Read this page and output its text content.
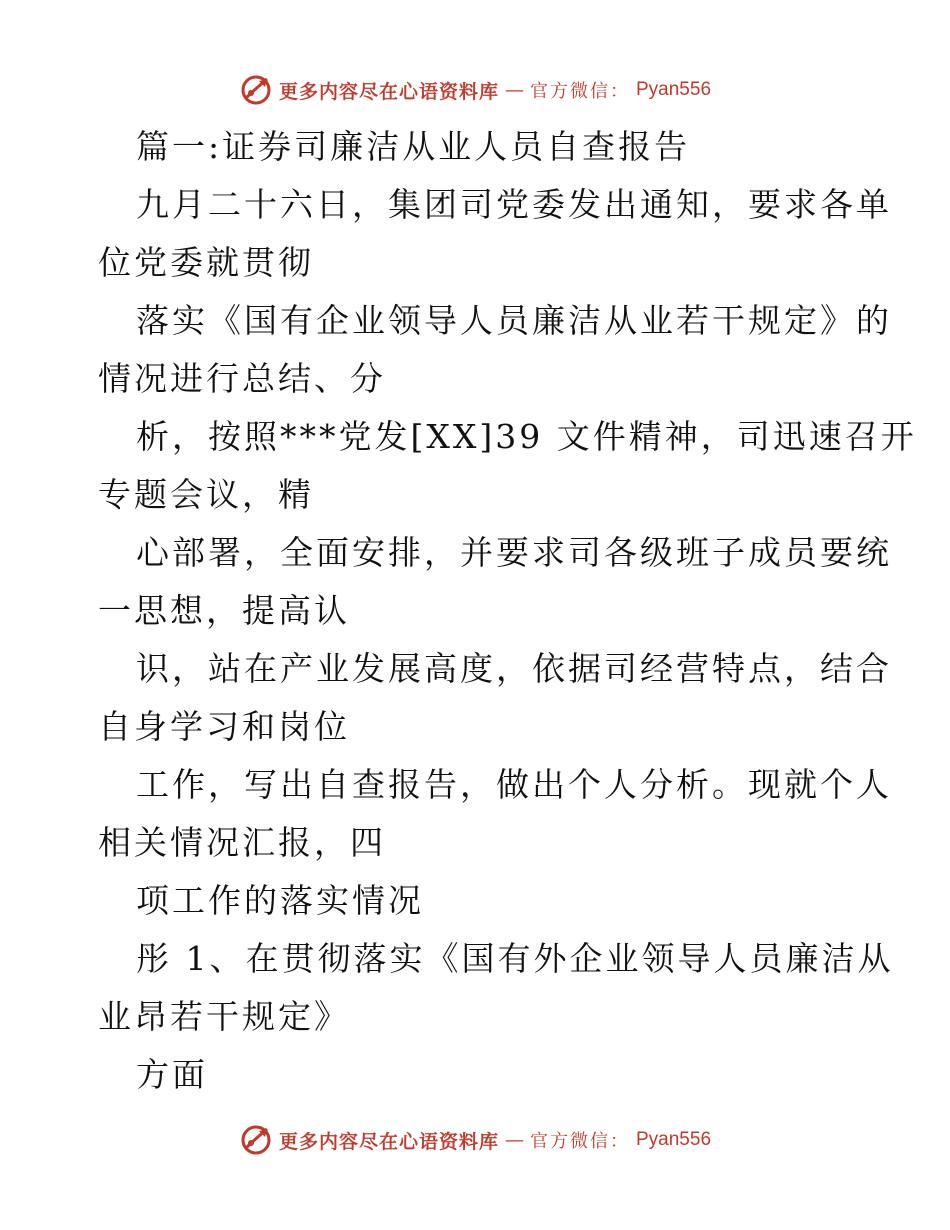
更多内容尽在心语资料库 — 官方微信： Pyan556
篇一:证券司廉洁从业人员自查报告
九月二十六日，集团司党委发出通知，要求各单
位党委就贯彻
落实《国有企业领导人员廉洁从业若干规定》的
情况进行总结、分
析，按照***党发[XX]39 文件精神，司迅速召开
专题会议，精
心部署，全面安排，并要求司各级班子成员要统
一思想，提高认
识，站在产业发展高度，依据司经营特点，结合
自身学习和岗位
工作，写出自查报告，做出个人分析。现就个人
相关情况汇报，四
项工作的落实情况
彤 1、在贯彻落实《国有外企业领导人员廉洁从
业昂若干规定》
方面
更多内容尽在心语资料库 — 官方微信： Pyan556
